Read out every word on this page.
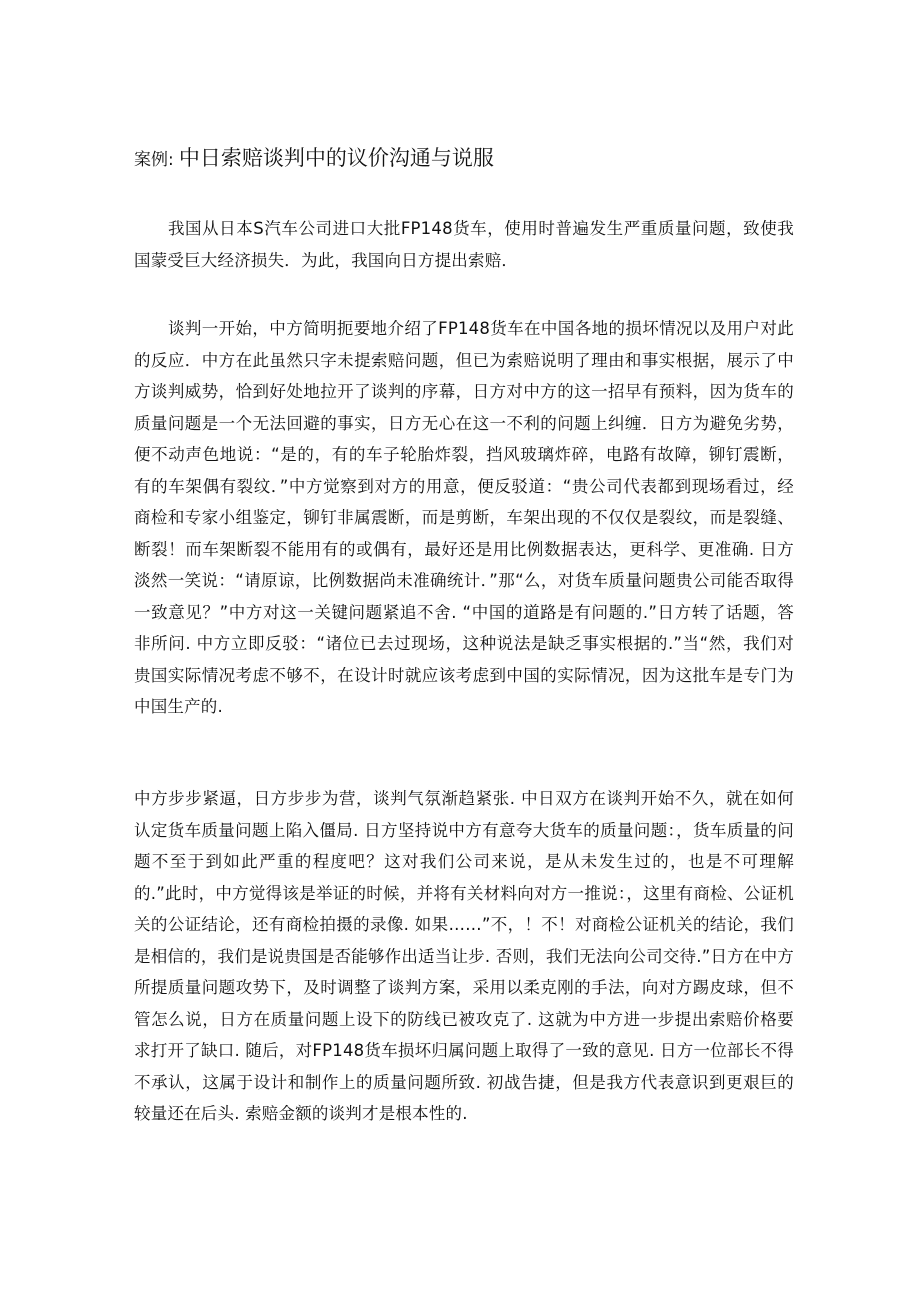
案例: 中日索赔谈判中的议价沟通与说服

我国从日本S汽车公司进口大批FP148货车，使用时普遍发生严重质量问题，致使我国蒙受巨大经济损失．为此，我国向日方提出索赔．

谈判一开始，中方简明扼要地介绍了FP148货车在中国各地的损坏情况以及用户对此的反应．中方在此虽然只字未提索赔问题，但已为索赔说明了理由和事实根据，展示了中方谈判威势，恰到好处地拉开了谈判的序幕，日方对中方的这一招早有预料，因为货车的质量问题是一个无法回避的事实，日方无心在这一不利的问题上纠缠．日方为避免劣势，便不动声色地说：“是的，有的车子轮胎炸裂，挡风玻璃炸碎，电路有故障，铆钉震断，有的车架偶有裂纹．”中方觉察到对方的用意，便反驳道：“贵公司代表都到现场看过，经商检和专家小组鉴定，铆钉非属震断，而是剪断，车架出现的不仅仅是裂纹，而是裂缝、断裂！而车架断裂不能用有的或偶有，最好还是用比例数据表达，更科学、更准确. 日方淡然一笑说：“请原谅，比例数据尚未准确统计．”那“么，对货车质量问题贵公司能否取得一致意见？”中方对这一关键问题紧追不舍. “中国的道路是有问题的.”日方转了话题，答非所问. 中方立即反驳：“诸位已去过现场，这种说法是缺乏事实根据的.”当“然，我们对贵国实际情况考虑不够不，在设计时就应该考虑到中国的实际情况，因为这批车是专门为中国生产的.

中方步步紧逼，日方步步为营，谈判气氛渐趋紧张. 中日双方在谈判开始不久，就在如何认定货车质量问题上陷入僵局. 日方坚持说中方有意夸大货车的质量问题：，货车质量的问题不至于到如此严重的程度吧？这对我们公司来说，是从未发生过的，也是不可理解的.”此时，中方觉得该是举证的时候，并将有关材料向对方一推说：，这里有商检、公证机关的公证结论，还有商检拍摄的录像. 如果……”不，！不！对商检公证机关的结论，我们是相信的，我们是说贵国是否能够作出适当让步. 否则，我们无法向公司交待.”日方在中方所提质量问题攻势下，及时调整了谈判方案，采用以柔克刚的手法，向对方踢皮球，但不管怎么说，日方在质量问题上设下的防线已被攻克了. 这就为中方进一步提出索赔价格要求打开了缺口. 随后，对FP148货车损坏归属问题上取得了一致的意见. 日方一位部长不得不承认，这属于设计和制作上的质量问题所致. 初战告捷，但是我方代表意识到更艰巨的较量还在后头. 索赔金额的谈判才是根本性的.
